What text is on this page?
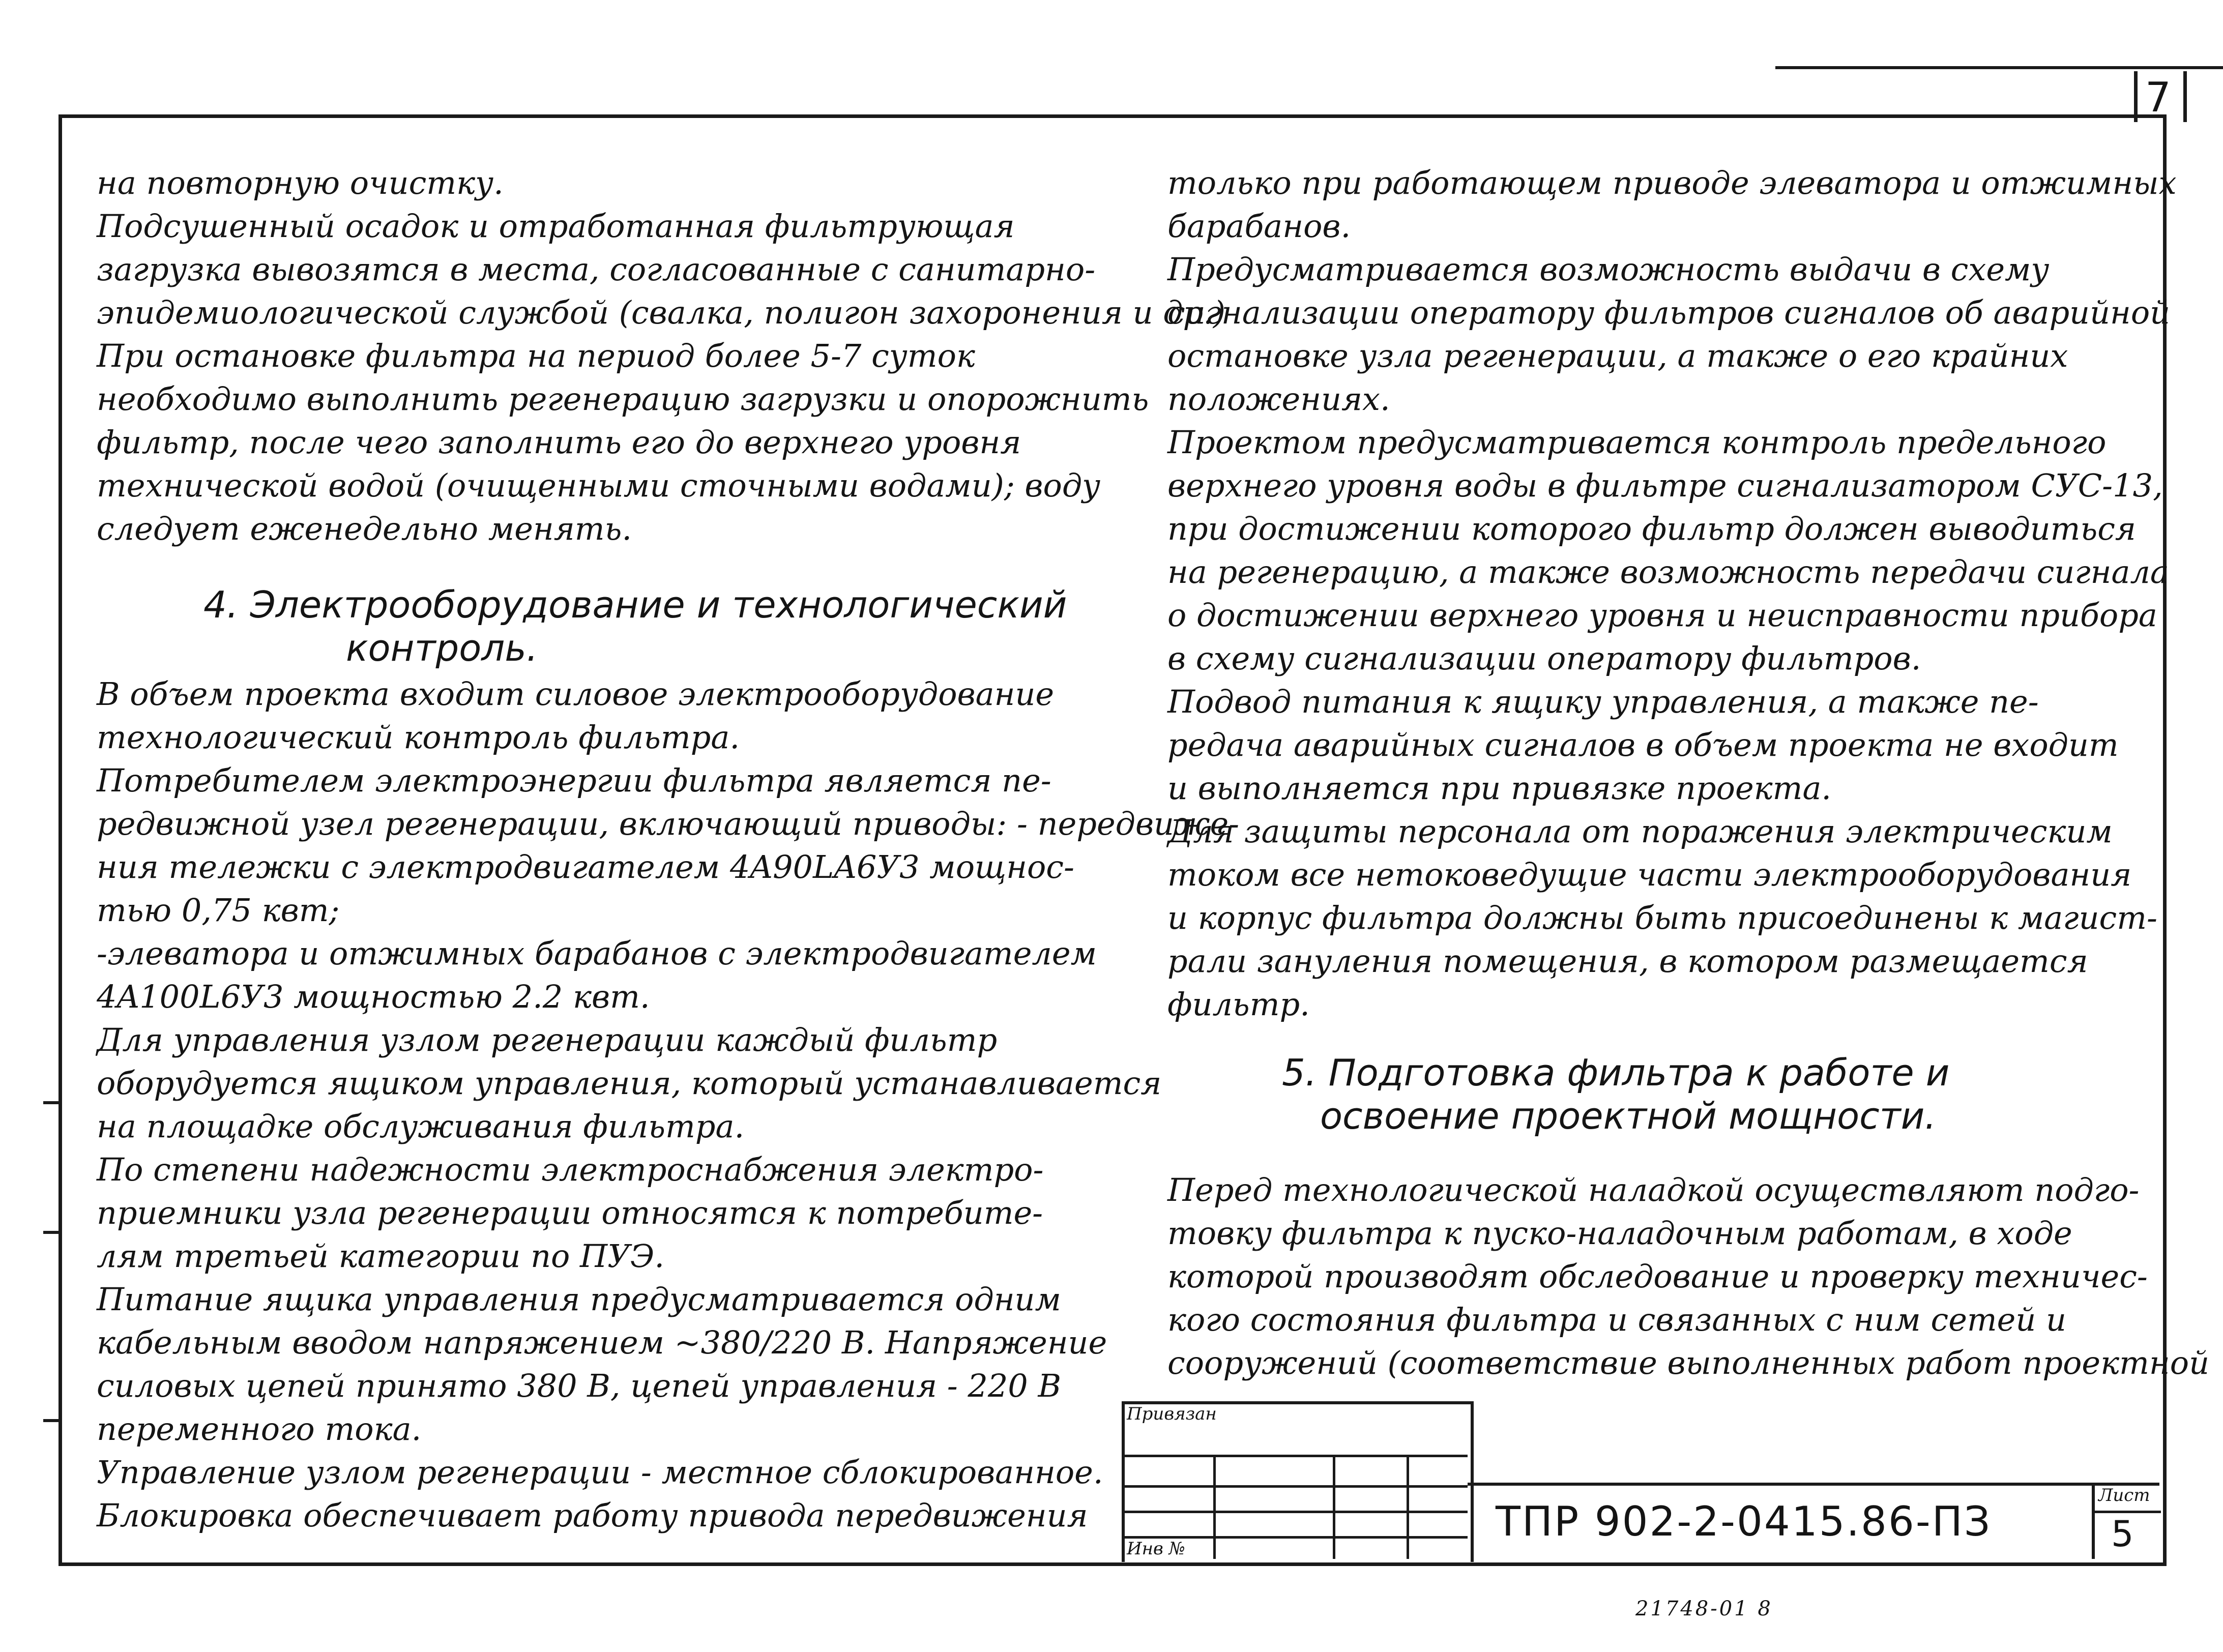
7
на повторную очистку.
Подсушенный осадок и отработанная фильтрующая
загрузка вывозятся в места, согласованные с санитарно-
эпидемиологической службой (свалка, полигон захоронения и др.)
При остановке фильтра на период более 5-7 суток
необходимо выполнить регенерацию загрузки и опорожнить
фильтр, после чего заполнить его до верхнего уровня
технической водой (очищенными сточными водами); воду
следует еженедельно менять.
4. Электрооборудование и технологический
контроль.
В объем проекта входит силовое электрооборудование
технологический контроль фильтра.
Потребителем электроэнергии фильтра является пе-
редвижной узел регенерации, включающий приводы: - передвиже-
ния тележки с электродвигателем 4A90LA6У3 мощнос-
тью 0,75 квт;
-элеватора и отжимных барабанов с электродвигателем
4A100L6У3 мощностью 2.2 квт.
Для управления узлом регенерации каждый фильтр
оборудуется ящиком управления, который устанавливается
на площадке обслуживания фильтра.
По степени надежности электроснабжения электро-
приемники узла регенерации относятся к потребите-
лям третьей категории по ПУЭ.
Питание ящика управления предусматривается одним
кабельным вводом напряжением ~380/220 В. Напряжение
силовых цепей принято 380 В, цепей управления - 220 В
переменного тока.
Управление узлом регенерации - местное сблокированное.
Блокировка обеспечивает работу привода передвижения
только при работающем приводе элеватора и отжимных
барабанов.
Предусматривается возможность выдачи в схему
сигнализации оператору фильтров сигналов об аварийной
остановке узла регенерации, а также о его крайних
положениях.
Проектом предусматривается контроль предельного
верхнего уровня воды в фильтре сигнализатором СУС-13,
при достижении которого фильтр должен выводиться
на регенерацию, а также возможность передачи сигнала
о достижении верхнего уровня и неисправности прибора
в схему сигнализации оператору фильтров.
Подвод питания к ящику управления, а также пе-
редача аварийных сигналов в объем проекта не входит
и выполняется при привязке проекта.
Для защиты персонала от поражения электрическим
током все нетоковедущие части электрооборудования
и корпус фильтра должны быть присоединены к магист-
рали зануления помещения, в котором размещается
фильтр.
5. Подготовка фильтра к работе и
освоение проектной мощности.
Перед технологической наладкой осуществляют подго-
товку фильтра к пуско-наладочным работам, в ходе
которой производят обследование и проверку техничес-
кого состояния фильтра и связанных с ним сетей и
сооружений (соответствие выполненных работ проектной
Привязан
Инв №
ТПР 902-2-0415.86-ПЗ
Лист
5
21748-01 8
